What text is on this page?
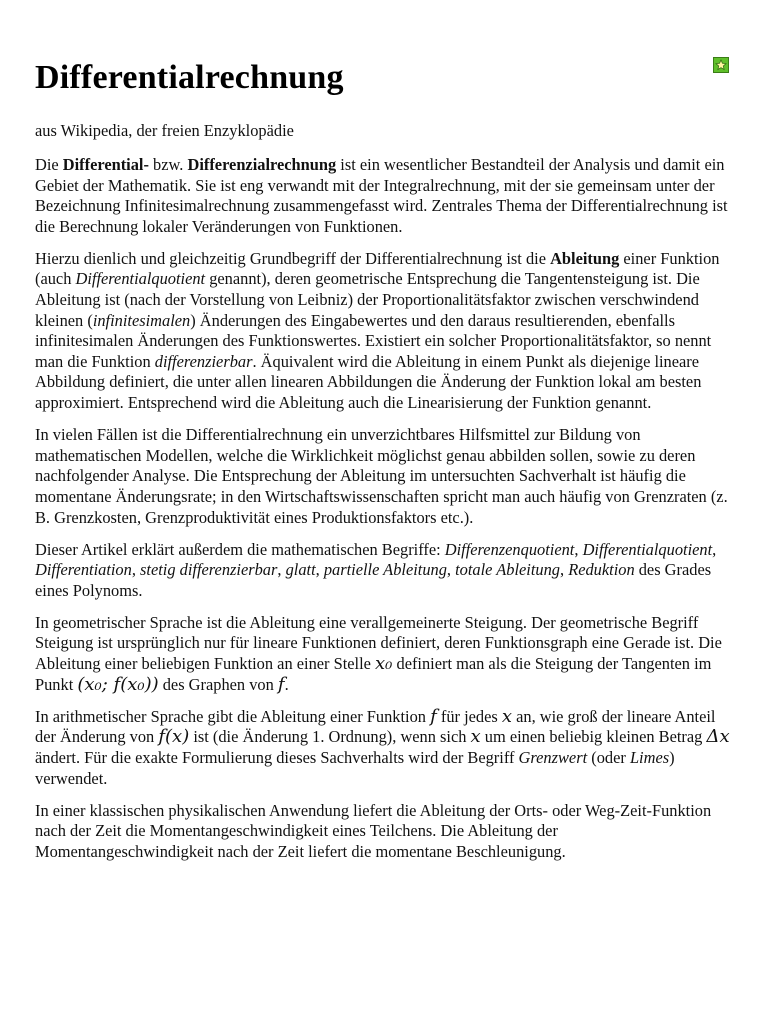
Differentialrechnung
aus Wikipedia, der freien Enzyklopädie

Die Differential- bzw. Differenzialrechnung ist ein wesentlicher Bestandteil der Analysis und damit ein Gebiet der Mathematik. Sie ist eng verwandt mit der Integralrechnung, mit der sie gemeinsam unter der Bezeichnung Infinitesimalrechnung zusammengefasst wird. Zentrales Thema der Differentialrechnung ist die Berechnung lokaler Veränderungen von Funktionen.

Hierzu dienlich und gleichzeitig Grundbegriff der Differentialrechnung ist die Ableitung einer Funktion (auch Differentialquotient genannt), deren geometrische Entsprechung die Tangentensteigung ist. Die Ableitung ist (nach der Vorstellung von Leibniz) der Proportionalitätsfaktor zwischen verschwindend kleinen (infinitesimalen) Änderungen des Eingabewertes und den daraus resultierenden, ebenfalls infinitesimalen Änderungen des Funktionswertes. Existiert ein solcher Proportionalitätsfaktor, so nennt man die Funktion differenzierbar. Äquivalent wird die Ableitung in einem Punkt als diejenige lineare Abbildung definiert, die unter allen linearen Abbildungen die Änderung der Funktion lokal am besten approximiert. Entsprechend wird die Ableitung auch die Linearisierung der Funktion genannt.

In vielen Fällen ist die Differentialrechnung ein unverzichtbares Hilfsmittel zur Bildung von mathematischen Modellen, welche die Wirklichkeit möglichst genau abbilden sollen, sowie zu deren nachfolgender Analyse. Die Entsprechung der Ableitung im untersuchten Sachverhalt ist häufig die momentane Änderungsrate; in den Wirtschaftswissenschaften spricht man auch häufig von Grenzraten (z. B. Grenzkosten, Grenzproduktivität eines Produktionsfaktors etc.).

Dieser Artikel erklärt außerdem die mathematischen Begriffe: Differenzenquotient, Differentialquotient, Differentiation, stetig differenzierbar, glatt, partielle Ableitung, totale Ableitung, Reduktion des Grades eines Polynoms.

In geometrischer Sprache ist die Ableitung eine verallgemeinerte Steigung. Der geometrische Begriff Steigung ist ursprünglich nur für lineare Funktionen definiert, deren Funktionsgraph eine Gerade ist. Die Ableitung einer beliebigen Funktion an einer Stelle x₀ definiert man als die Steigung der Tangenten im Punkt (x₀; f(x₀)) des Graphen von f.

In arithmetischer Sprache gibt die Ableitung einer Funktion f für jedes x an, wie groß der lineare Anteil der Änderung von f(x) ist (die Änderung 1. Ordnung), wenn sich x um einen beliebig kleinen Betrag Δx ändert. Für die exakte Formulierung dieses Sachverhalts wird der Begriff Grenzwert (oder Limes) verwendet.

In einer klassischen physikalischen Anwendung liefert die Ableitung der Orts- oder Weg-Zeit-Funktion nach der Zeit die Momentangeschwindigkeit eines Teilchens. Die Ableitung der Momentangeschwindigkeit nach der Zeit liefert die momentane Beschleunigung.
